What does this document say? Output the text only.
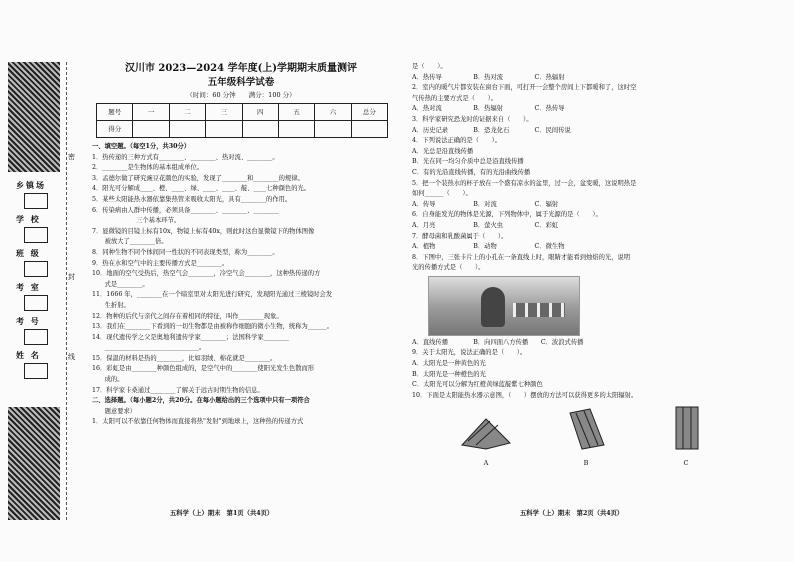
乡镇场
学 校
班 级
考 室
考 号
姓 名
密
封
线
汉川市 2023—2024 学年度(上)学期期末质量测评
五年级科学试卷
（时间：60 分钟　　满分：100 分）
题号	一	二	三	四	五	六	总分
得分							
一、填空题。（每空1分，共30分）
1．热传递的三种方式有________、________、热对流、________。
2．________是生物体的基本组成单位。
3．孟德尔做了研究豌豆花颜色的实验，发现了________和________的规律。
4．阳光可分解成____、橙、____、绿、____、____、靛、____七种颜色的光。
5．某些太阳能热水器依靠集热管来吸收太阳光，具有________的作用。
6．传染病由人群中传播，必须具备________、________、________
　　　　　　　三个基本环节。
7．显微镜的目镜上标有10x，物镜上标有40x，则此时这台显微镜下的物体图像
　　被放大了________倍。
8．同种生物不同个体间同一性状的不同表现类型，称为________。
9．热在水和空气中的主要传播方式是________。
10．地面的空气受热后，热空气会________，冷空气会________，这种热传递的方
　　式是________。
11．1666 年，________在一个暗室里对太阳光进行研究，发现阳光通过三棱镜时会发
　　生折射。
12．物种的后代与亲代之间存在着相同的特征，叫作________现象。
13．我们在________下看到的一切生物都是由被称作细胞的微小生物，统称为______。
14．现代遗传学之父是奥地利遗传学家________；法国科学家________
　　______________________________。
15．保温的材料是热的________，比如羽绒、棉花就是________。
16．彩虹是由________种颜色组成的，是空气中的________使阳光发生色散而形
　　成的。
17．科学家卡桑通过________了解关于远古时期生物的信息。
二、选择题。（每小题2分，共20分。在每小题给出的三个选项中只有一项符合
　　题意要求）
1．太阳可以不依靠任何物体而直接将热"发射"到地球上，这种热的传递方式
是（　　）。
A．热传导　　　　　B．热对流　　　　　C．热辐射
2．室内的暖气片都安装在窗台下面，可打开一会整个房间上下都暖和了，这时空
气传热的主要方式是（　　）。
A．热对流　　　　　B．热辐射　　　　　C．热传导
3．科学家研究恐龙时的证据来自（　　）。
A．历史记录　　　　B．恐龙化石　　　　C．民间传说
4．下列说法正确的是（　　）。
A．光总是沿直线传播
B．光在同一均匀介质中总是沿直线传播
C．有的光沿直线传播，有的光沿曲线传播
5．把一个装热水的杯子放在一个盛有凉水的盆里，过一会，盆变暖，这说明热是
如何______（　　）。
A．传导　　　　　　B．对流　　　　　　C．辐射
6．自身能发光的物体是光源，下列物体中，属于光源的是（　　）。
A．月亮　　　　　　B．萤火虫　　　　　C．彩虹
7．酵母菌和乳酸菌属于（　　）。
A．植物　　　　　　B．动物　　　　　　C．微生物
8．下图中，三张卡片上的小孔在一条直线上时，眼睛才能看到烛焰的光，说明
光的传播方式是（　　）。
A．直线传播　　　　B．向四面八方传播　　C．波浪式传播
9．关于太阳光，说法正确的是（　　）。
A．太阳光是一种黄色的光
B．太阳光是一种橙色的光
C．太阳光可以分解为红橙黄绿蓝靛紫七种颜色
10．下面是太阳能热水器示意图，（　　）摆放的方法可以获得更多的太阳辐射。
A	B	C
五科学（上）期末　第1页（共4页）	五科学（上）期末　第2页（共4页）
